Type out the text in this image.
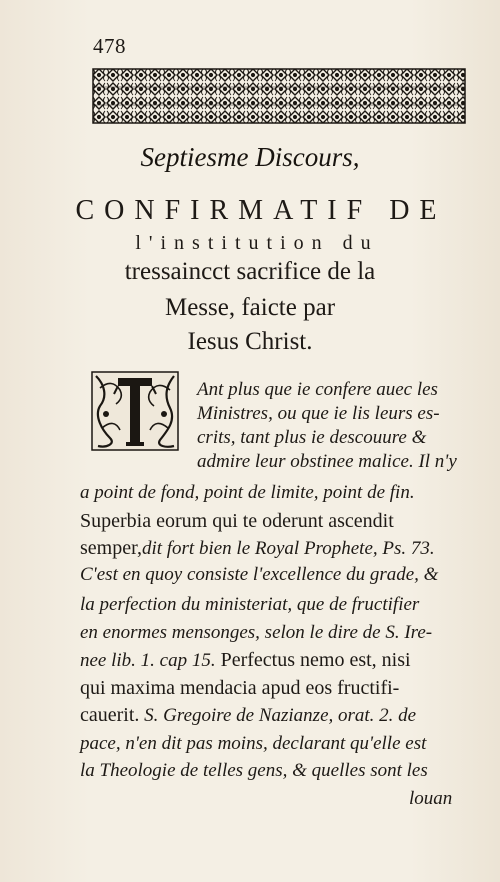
478
Septiesme Discours,
CONFIRMATIF DE
l'institution du
tressaincct sacrifice de la
Messe, faicte par
Iesus Christ.
Ant plus que ie confere auec les
Ministres, ou que ie lis leurs es-
crits, tant plus ie descouure &
admire leur obstinee malice. Il n'y
a point de fond, point de limite, point de fin.
Superbia eorum qui te oderunt ascendit
semper,dit fort bien le Royal Prophete, Ps. 73.
C'est en quoy consiste l'excellence du grade, &
la perfection du ministeriat, que de fructifier
en enormes mensonges, selon le dire de S. Ire-
nee lib. 1. cap 15. Perfectus nemo est, nisi
qui maxima mendacia apud eos fructifi-
cauerit. S. Gregoire de Nazianze, orat. 2. de
pace, n'en dit pas moins, declarant qu'elle est
la Theologie de telles gens, & quelles sont les
louan
